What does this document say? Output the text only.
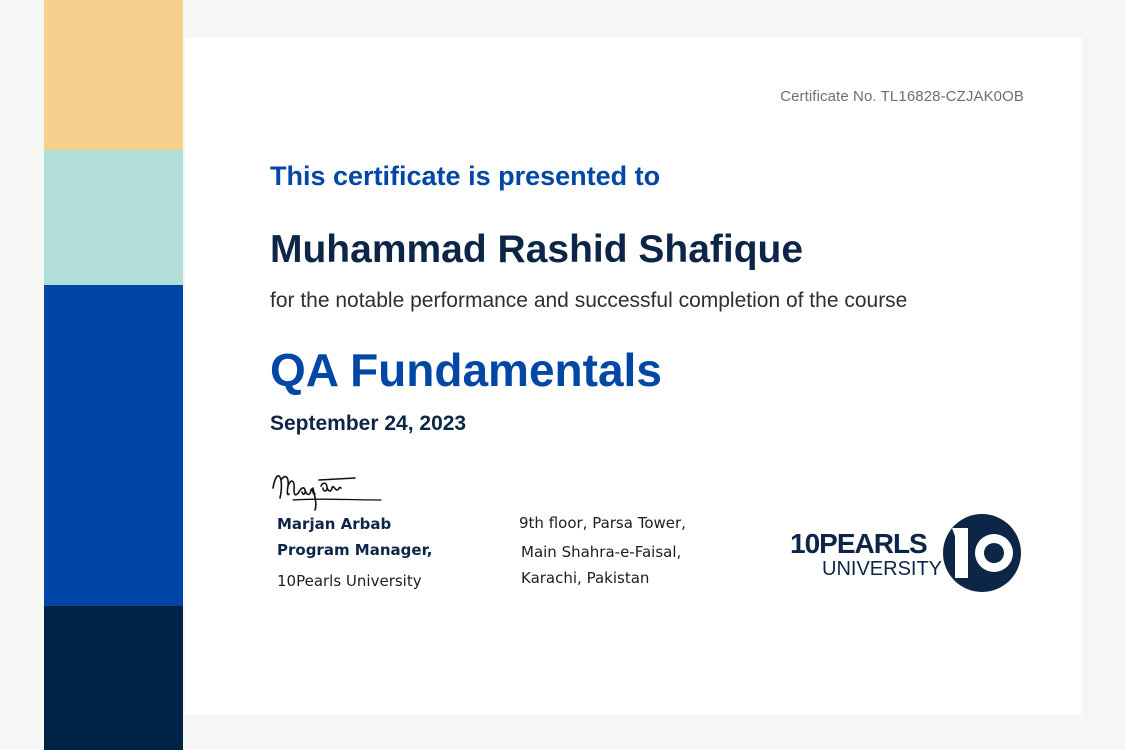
Certificate No. TL16828-CZJAK0OB
This certificate is presented to
Muhammad Rashid Shafique
for the notable performance and successful completion of the course
QA Fundamentals
September 24, 2023
Marjan Arbab
Program Manager,
10Pearls University
9th floor, Parsa Tower,
Main Shahra-e-Faisal,
Karachi, Pakistan
10PEARLS
UNIVERSITY
